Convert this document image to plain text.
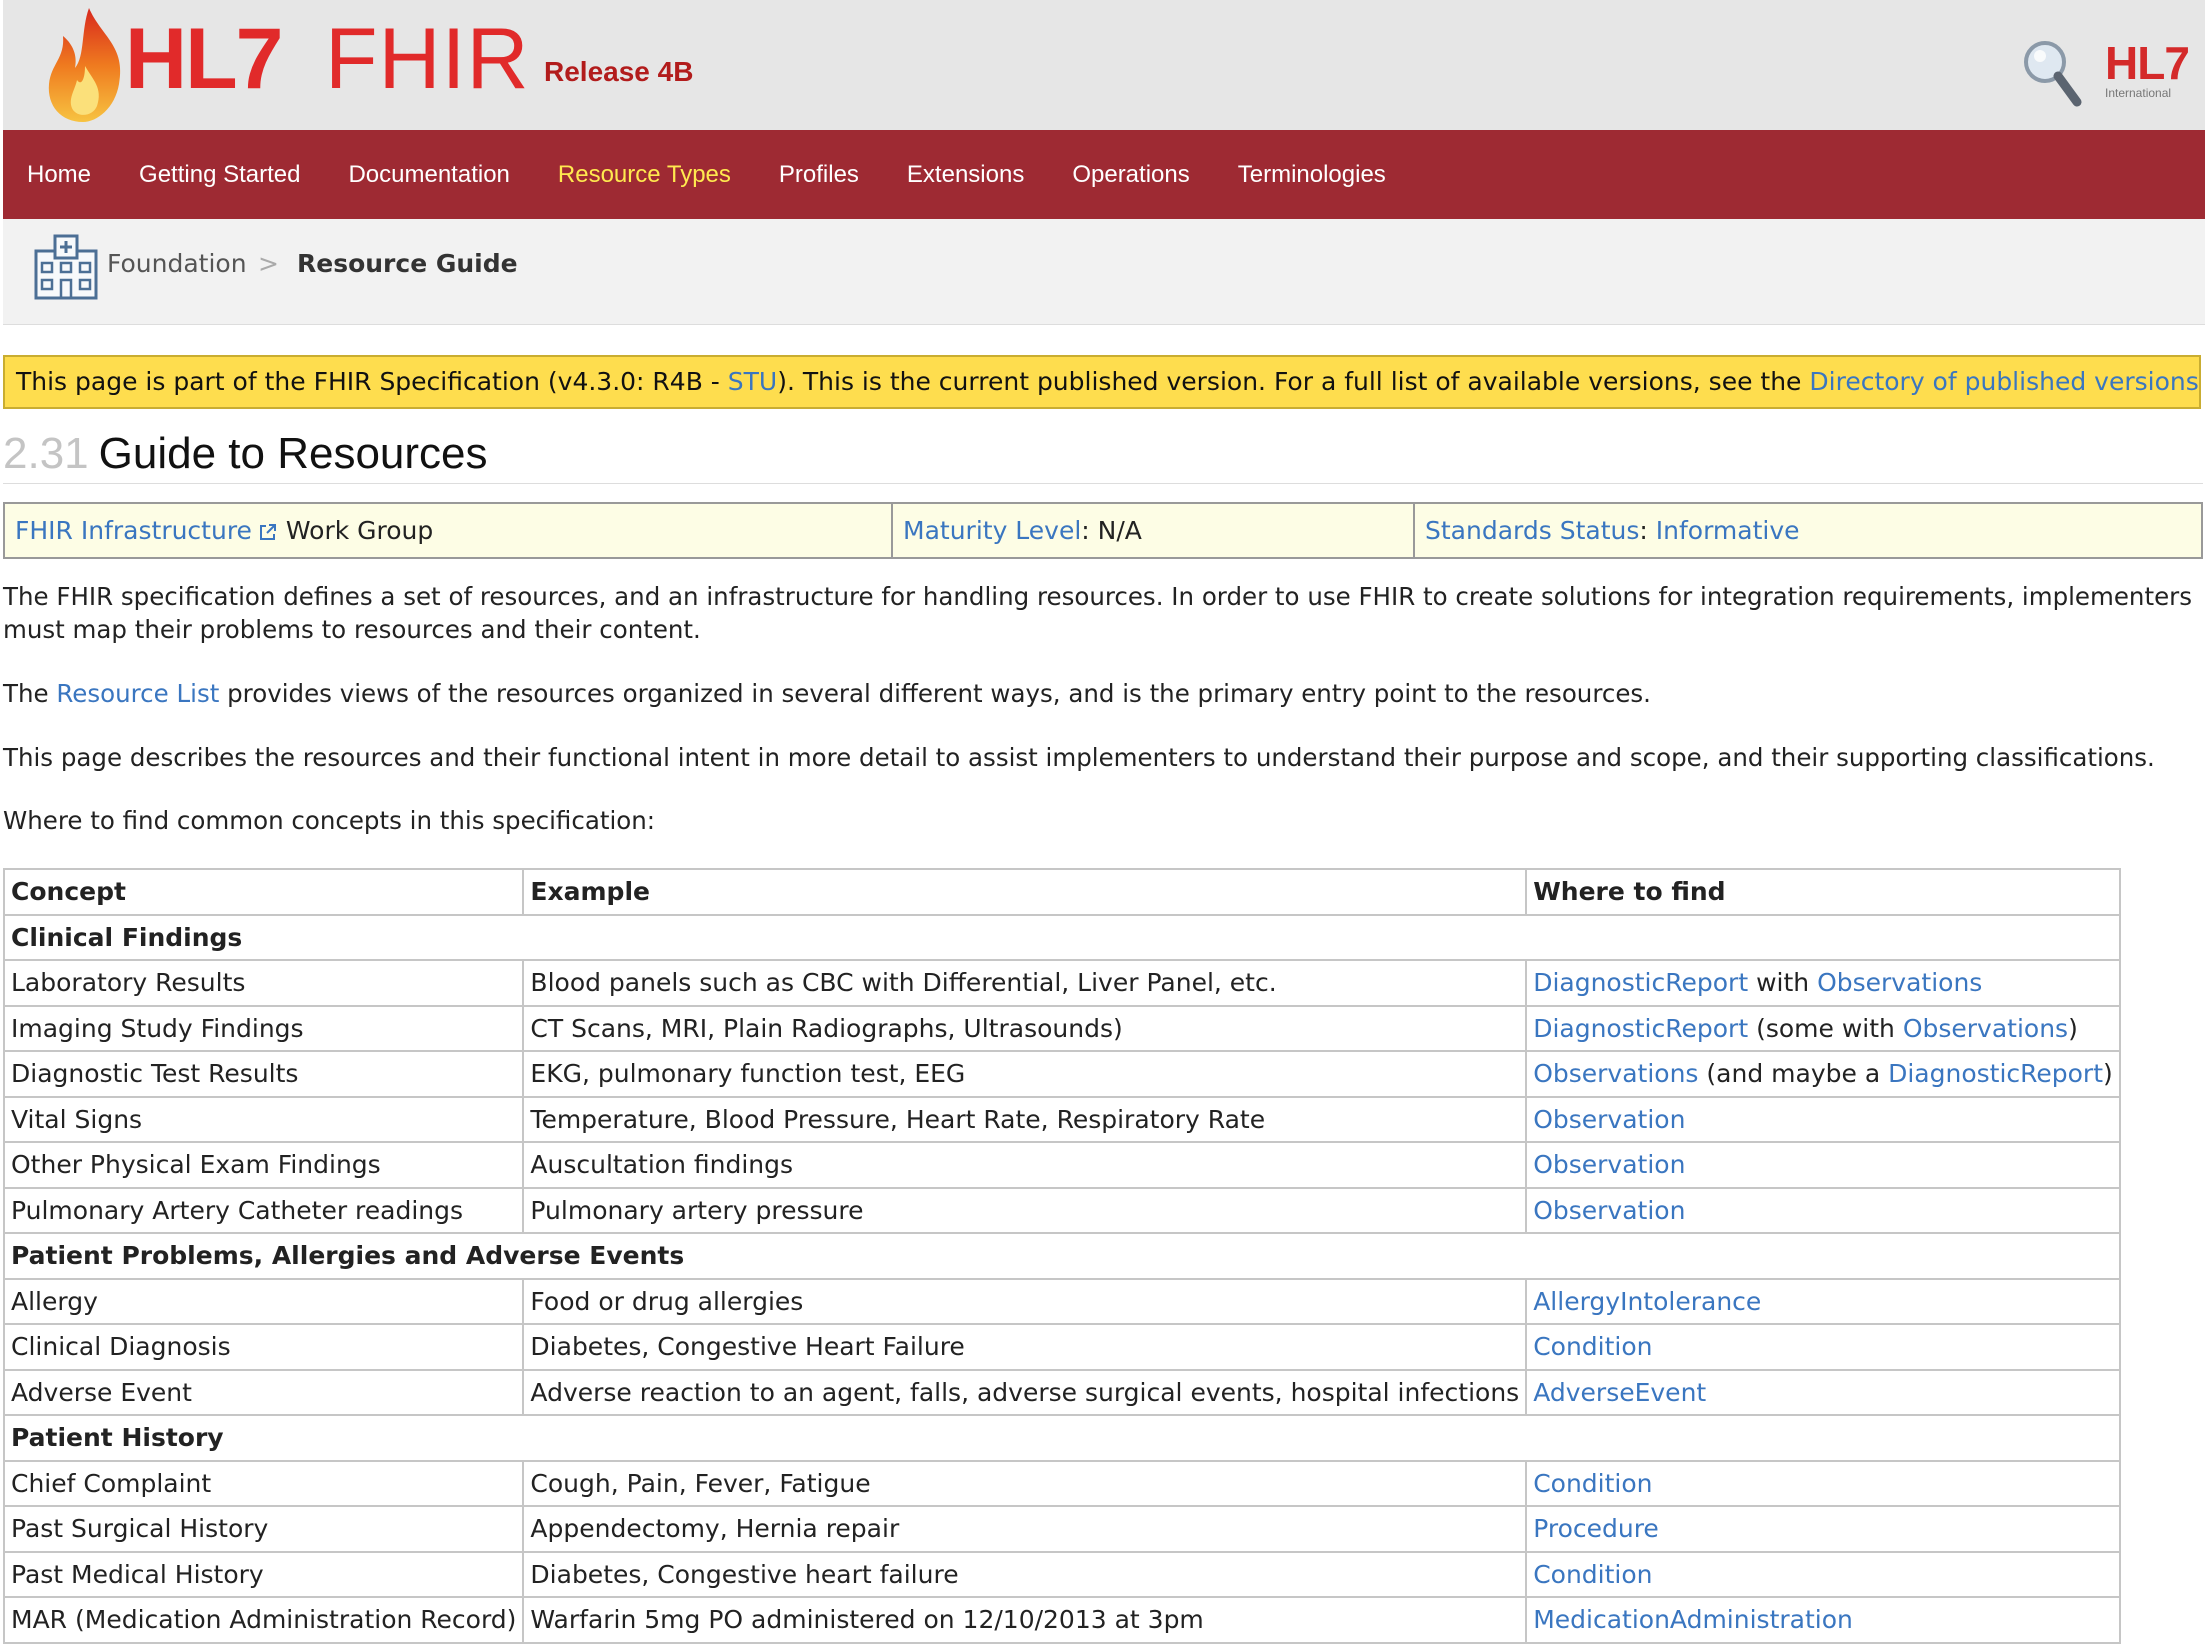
HL7 FHIR Release 4B	HL7
International
Home	Getting Started	Documentation	Resource Types	Profiles	Extensions	Operations	Terminologies
Foundation > Resource Guide
This page is part of the FHIR Specification (v4.3.0: R4B - STU). This is the current published version. For a full list of available versions, see the Directory of published versions
2.31 Guide to Resources
FHIR Infrastructure Work Group	Maturity Level: N/A	Standards Status: Informative

The FHIR specification defines a set of resources, and an infrastructure for handling resources. In order to use FHIR to create solutions for integration requirements, implementers must map their problems to resources and their content.

The Resource List provides views of the resources organized in several different ways, and is the primary entry point to the resources.

This page describes the resources and their functional intent in more detail to assist implementers to understand their purpose and scope, and their supporting classifications.

Where to find common concepts in this specification:

Concept	Example	Where to find
Clinical Findings		
Laboratory Results	Blood panels such as CBC with Differential, Liver Panel, etc.	DiagnosticReport with Observations
Imaging Study Findings	CT Scans, MRI, Plain Radiographs, Ultrasounds)	DiagnosticReport (some with Observations)
Diagnostic Test Results	EKG, pulmonary function test, EEG	Observations (and maybe a DiagnosticReport)
Vital Signs	Temperature, Blood Pressure, Heart Rate, Respiratory Rate	Observation
Other Physical Exam Findings	Auscultation findings	Observation
Pulmonary Artery Catheter readings	Pulmonary artery pressure	Observation
Patient Problems, Allergies and Adverse Events		
Allergy	Food or drug allergies	AllergyIntolerance
Clinical Diagnosis	Diabetes, Congestive Heart Failure	Condition
Adverse Event	Adverse reaction to an agent, falls, adverse surgical events, hospital infections	AdverseEvent
Patient History		
Chief Complaint	Cough, Pain, Fever, Fatigue	Condition
Past Surgical History	Appendectomy, Hernia repair	Procedure
Past Medical History	Diabetes, Congestive heart failure	Condition
MAR (Medication Administration Record)	Warfarin 5mg PO administered on 12/10/2013 at 3pm	MedicationAdministration
